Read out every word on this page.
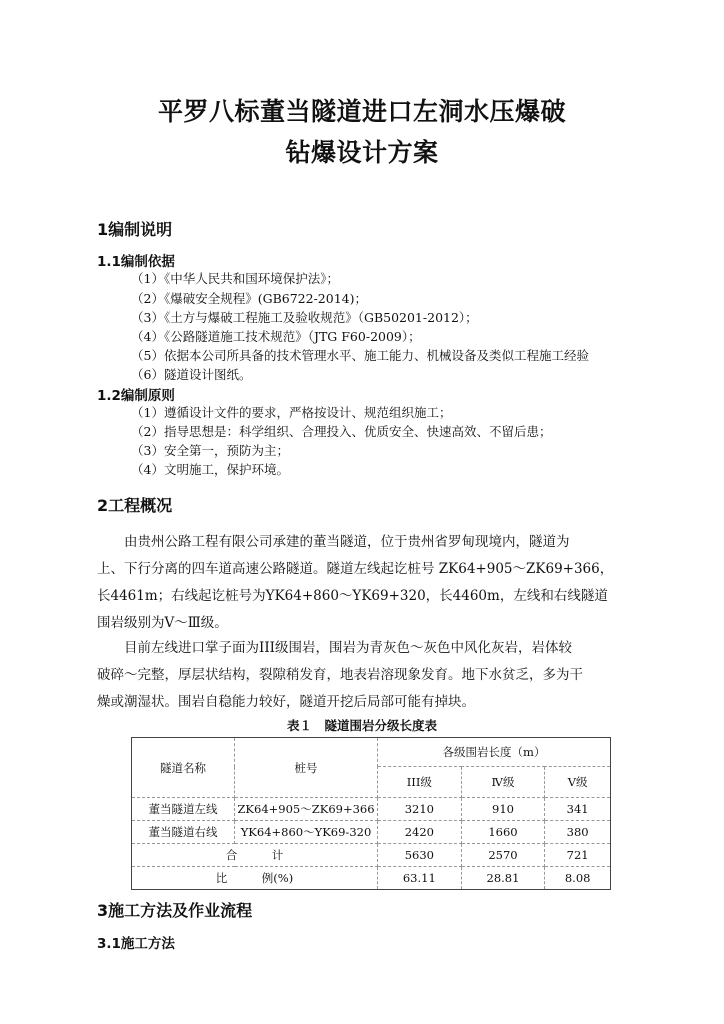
平罗八标董当隧道进口左洞水压爆破
钻爆设计方案
1编制说明
1.1编制依据
（1）《中华人民共和国环境保护法》；
（2）《爆破安全规程》(GB6722-2014)；
（3）《土方与爆破工程施工及验收规范》（GB50201-2012）；
（4）《公路隧道施工技术规范》（JTG F60-2009）；
（5）依据本公司所具备的技术管理水平、施工能力、机械设备及类似工程施工经验
（6）隧道设计图纸。
1.2编制原则
（1）遵循设计文件的要求，严格按设计、规范组织施工；
（2）指导思想是：科学组织、合理投入、优质安全、快速高效、不留后患；
（3）安全第一，预防为主；
（4）文明施工，保护环境。
2工程概况
　　由贵州公路工程有限公司承建的董当隧道，位于贵州省罗甸现境内，隧道为
上、下行分离的四车道高速公路隧道。隧道左线起讫桩号 ZK64+905～ZK69+366，
长4461m；右线起讫桩号为YK64+860～YK69+320，长4460m，左线和右线隧道
围岩级别为Ⅴ～Ⅲ级。
　　目前左线进口掌子面为III级围岩，围岩为青灰色～灰色中风化灰岩，岩体较
破碎～完整，厚层状结构，裂隙稍发育，地表岩溶现象发育。地下水贫乏，多为干
燥或潮湿状。围岩自稳能力较好，隧道开挖后局部可能有掉块。
表１　隧道围岩分级长度表
隧道名称	桩号	各级围岩长度（m）		
		III级	Ⅳ级	Ⅴ级
董当隧道左线	ZK64+905～ZK69+366	3210	910	341
董当隧道右线	YK64+860～YK69-320	2420	1660	380
合　　　计		5630	2570	721
比　　　例(%)		63.11	28.81	8.08
3施工方法及作业流程
3.1施工方法
